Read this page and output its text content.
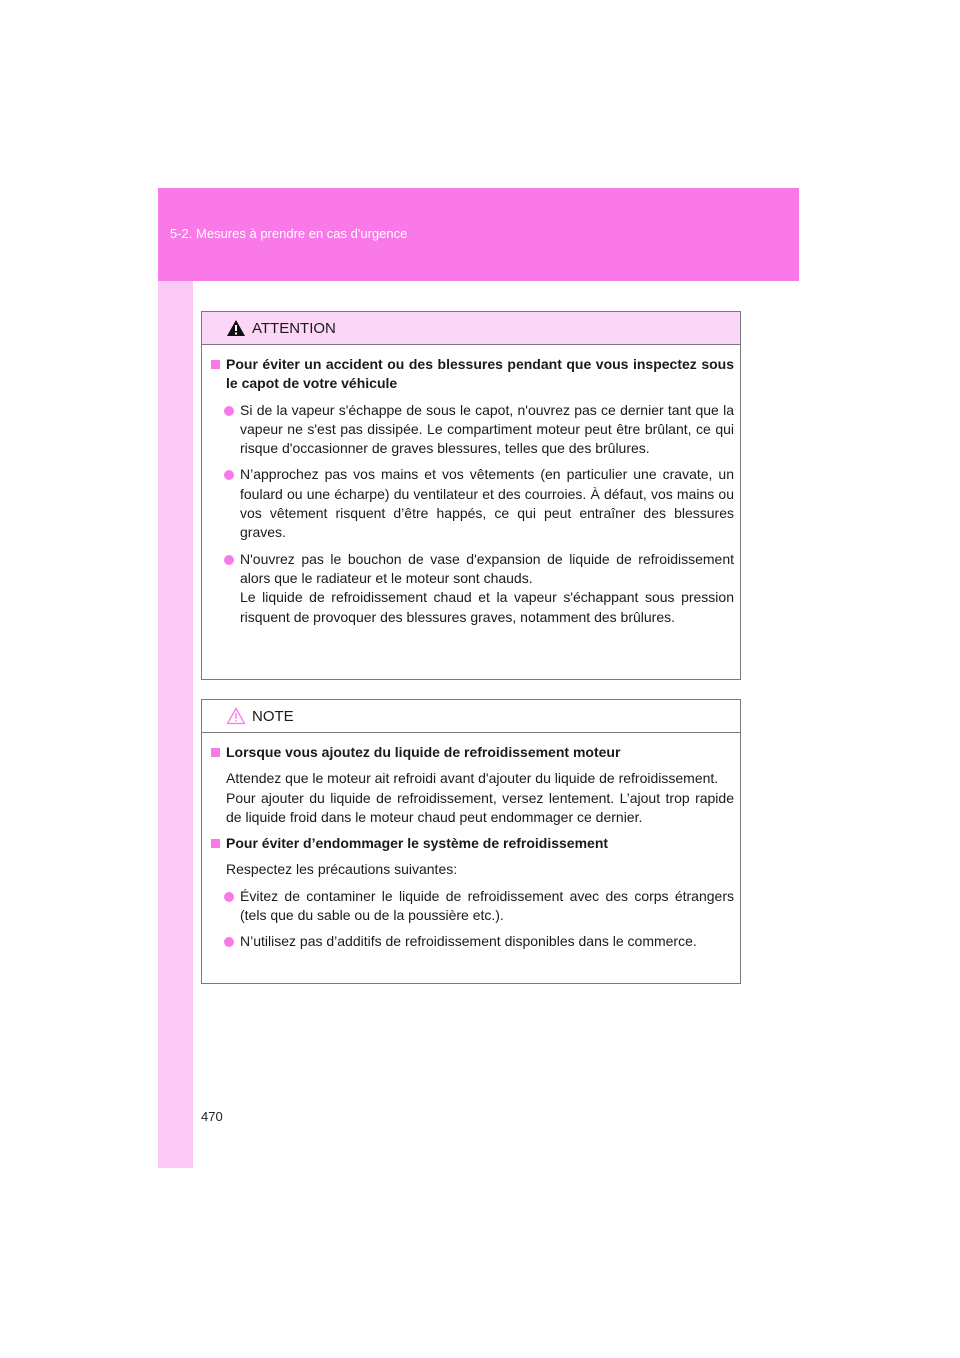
5-2. Mesures à prendre en cas d'urgence
ATTENTION
Pour éviter un accident ou des blessures pendant que vous inspectez sous le capot de votre véhicule
Si de la vapeur s'échappe de sous le capot, n'ouvrez pas ce dernier tant que la vapeur ne s'est pas dissipée. Le compartiment moteur peut être brûlant, ce qui risque d'occasionner de graves blessures, telles que des brûlures.
N’approchez pas vos mains et vos vêtements (en particulier une cravate, un foulard ou une écharpe) du ventilateur et des courroies. À défaut, vos mains ou vos vêtement risquent d’être happés, ce qui peut entraîner des blessures graves.
N'ouvrez pas le bouchon de vase d'expansion de liquide de refroidissement alors que le radiateur et le moteur sont chauds.
Le liquide de refroidissement chaud et la vapeur s'échappant sous pression risquent de provoquer des blessures graves, notamment des brûlures.
NOTE
Lorsque vous ajoutez du liquide de refroidissement moteur
Attendez que le moteur ait refroidi avant d'ajouter du liquide de refroidissement.
Pour ajouter du liquide de refroidissement, versez lentement. L’ajout trop rapide de liquide froid dans le moteur chaud peut endommager ce dernier.
Pour éviter d’endommager le système de refroidissement
Respectez les précautions suivantes:
Évitez de contaminer le liquide de refroidissement avec des corps étrangers (tels que du sable ou de la poussière etc.).
N’utilisez pas d’additifs de refroidissement disponibles dans le commerce.
470
